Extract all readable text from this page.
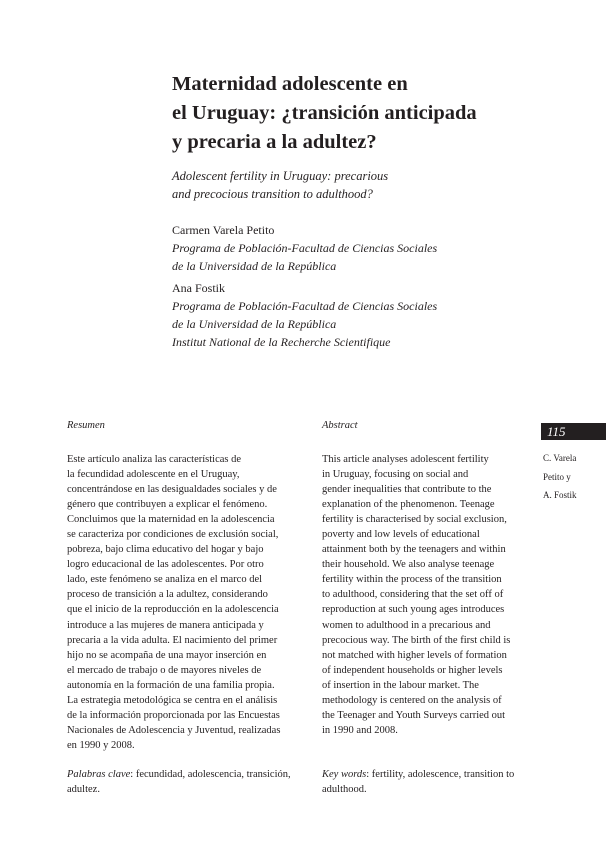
Maternidad adolescente en
el Uruguay: ¿transición anticipada
y precaria a la adultez?

Adolescent fertility in Uruguay: precarious
and precocious transition to adulthood?

Carmen Varela Petito
Programa de Población-Facultad de Ciencias Sociales
de la Universidad de la República
Ana Fostik
Programa de Población-Facultad de Ciencias Sociales
de la Universidad de la República
Institut National de la Recherche Scientifique
Resumen	Abstract
Este artículo analiza las características de
la fecundidad adolescente en el Uruguay,
concentrándose en las desigualdades sociales y de
género que contribuyen a explicar el fenómeno.
Concluimos que la maternidad en la adolescencia
se caracteriza por condiciones de exclusión social,
pobreza, bajo clima educativo del hogar y bajo
logro educacional de las adolescentes. Por otro
lado, este fenómeno se analiza en el marco del
proceso de transición a la adultez, considerando
que el inicio de la reproducción en la adolescencia
introduce a las mujeres de manera anticipada y
precaria a la vida adulta. El nacimiento del primer
hijo no se acompaña de una mayor inserción en
el mercado de trabajo o de mayores niveles de
autonomía en la formación de una familia propia.
La estrategia metodológica se centra en el análisis
de la información proporcionada por las Encuestas
Nacionales de Adolescencia y Juventud, realizadas
en 1990 y 2008.
Palabras clave: fecundidad, adolescencia, transición,
adultez.
This article analyses adolescent fertility
in Uruguay, focusing on social and
gender inequalities that contribute to the
explanation of the phenomenon. Teenage
fertility is characterised by social exclusion,
poverty and low levels of educational
attainment both by the teenagers and within
their household. We also analyse teenage
fertility within the process of the transition
to adulthood, considering that the set off of
reproduction at such young ages introduces
women to adulthood in a precarious and
precocious way. The birth of the first child is
not matched with higher levels of formation
of independent households or higher levels
of insertion in the labour market. The
methodology is centered on the analysis of
the Teenager and Youth Surveys carried out
in 1990 and 2008.
Key words: fertility, adolescence, transition to
adulthood.
115
C. Varela
Petito y
A. Fostik
